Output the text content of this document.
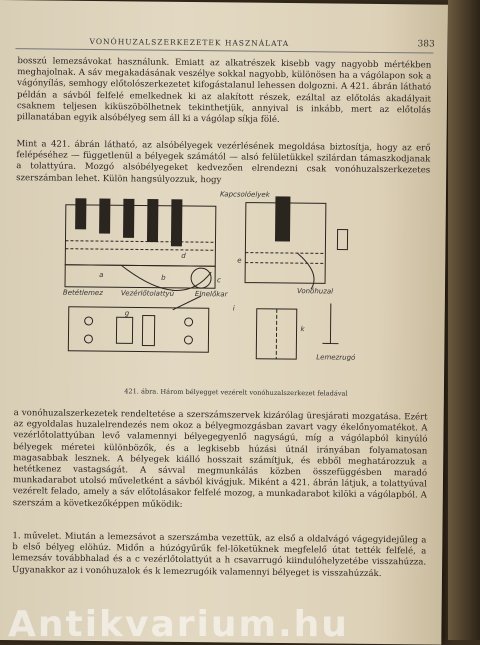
VONÓHUZALSZERKEZETEK HASZNÁLATA	383

bosszú lemezsávokat használunk. Emiatt az alkatrészek kisebb vagy nagyobb mértékben meghajolnak. A sáv megakadásának veszélye sokkal nagyobb, különösen ha a vágólapon sok a vágónyílás, semhogy előtolószerkezetet kifogástalanul lehessen dolgozni. A 421. ábrán látható példán a sávból felfelé emelkednek ki az alakított részek, ezáltal az előtolás akadályait csaknem teljesen kiküszöbölhetnek tekinthetjük, annyival is inkább, mert az előtolás pillanatában egyik alsóbélyeg sem áll ki a vágólap síkja fölé.

Mint a 421. ábrán látható, az alsóbélyegek vezérlésének megoldása biztosítja, hogy az erő felépéséhez — függetlenül a bélyegek számától — alsó felületükkel szilárdan támaszkodjanak a tolattyúra. Mozgó alsóbélyegeket kedvezően elrendezni csak vonóhuzalszerkezetes szerszámban lehet. Külön hangsúlyozzuk, hogy

Kapcsolóelyek
Betétlemez	Vezérlőtolattyú	Elnelőkar	Vonóhuzal
Lemezrugó
a	b	c
e
d
g
i
k
421. ábra. Három bélyegget vezérelt vonóhuzalszerkezet feladával

a vonóhuzalszerkezetek rendeltetése a szerszámszervek kizárólag üresjárati mozgatása. Ezért az egyoldalas huzalelrendezés nem okoz a bélyegmozgásban zavart vagy ékelőnyomatékot. A vezérlőtolattyúban levő valamennyi bélyegegyenlő nagyságú, míg a vágólapból kinyúló bélyegek méretei különbözők, és a legkisebb húzási útnál irányában folyamatosan magasabbak lesznek. A bélyegek kiálló hosszait számítjuk, és ebből meghatározzuk a hetétkenez vastagságát. A sávval megmunkálás közben összefüggésben maradó munkadarabot utolsó műveletként a sávból kivágjuk. Miként a 421. ábrán látjuk, a tolattyúval vezérelt felado, amely a sáv előtolásakor felfelé mozog, a munkadarabot kilöki a vágólapból. A szerszám a következőképpen működik:

1. művelet. Miután a lemezsávot a szerszámba vezettük, az első a oldalvágó vágegyidejűleg a b első bélyeg elöhúz. Midőn a húzógyűrűk fel-löketüknek megfelelő útat tették felfelé, a lemezsáv továbbhalad és a c vezérlőtolattyút a h csavarrugó kiindulóhelyzetébe visszahúzza. Ugyanakkor az i vonóhuzalok és k lemezrugóik valamennyi bélyeget is visszahúzzák.

Antikvarium.hu
